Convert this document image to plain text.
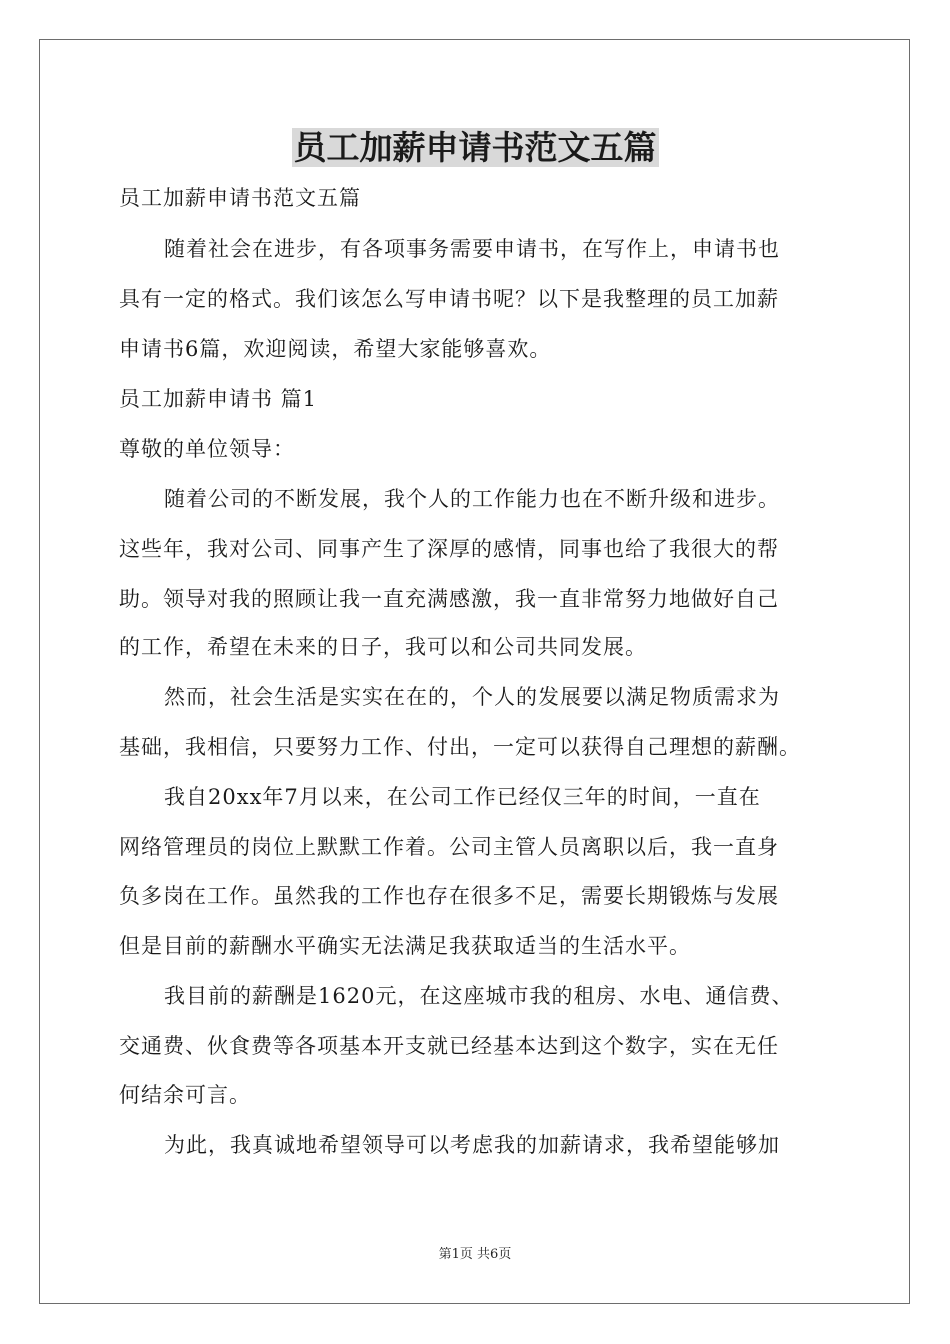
员工加薪申请书范文五篇
员工加薪申请书范文五篇
随着社会在进步，有各项事务需要申请书，在写作上，申请书也
具有一定的格式。我们该怎么写申请书呢？以下是我整理的员工加薪
申请书6篇，欢迎阅读，希望大家能够喜欢。
员工加薪申请书 篇1
尊敬的单位领导：
随着公司的不断发展，我个人的工作能力也在不断升级和进步。
这些年，我对公司、同事产生了深厚的感情，同事也给了我很大的帮
助。领导对我的照顾让我一直充满感激，我一直非常努力地做好自己
的工作，希望在未来的日子，我可以和公司共同发展。
然而，社会生活是实实在在的，个人的发展要以满足物质需求为
基础，我相信，只要努力工作、付出，一定可以获得自己理想的薪酬。
我自20xx年7月以来，在公司工作已经仅三年的时间，一直在
网络管理员的岗位上默默工作着。公司主管人员离职以后，我一直身
负多岗在工作。虽然我的工作也存在很多不足，需要长期锻炼与发展
但是目前的薪酬水平确实无法满足我获取适当的生活水平。
我目前的薪酬是1620元，在这座城市我的租房、水电、通信费、
交通费、伙食费等各项基本开支就已经基本达到这个数字，实在无任
何结余可言。
为此，我真诚地希望领导可以考虑我的加薪请求，我希望能够加
第1页 共6页
